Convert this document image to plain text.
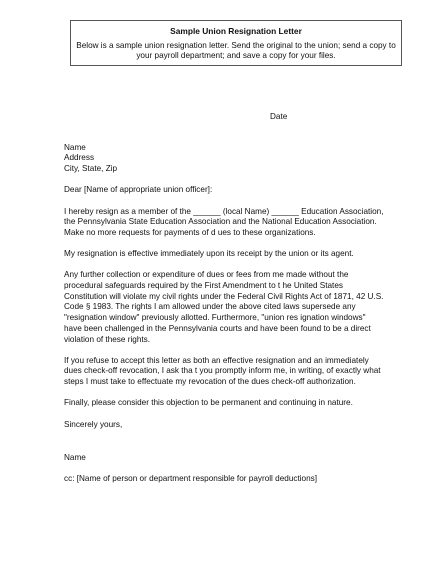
Sample Union Resignation Letter
Below is a sample union resignation letter. Send the original to the union; send a copy to your payroll department; and save a copy for your files.
Date
Name
Address
City, State, Zip
Dear [Name of appropriate union officer]:
I hereby resign as a member of the ______ (local Name) ______ Education Association, the Pennsylvania State Education Association and the National Education Association. Make no more requests for payments of d ues to these organizations.
My resignation is effective immediately upon its receipt by the union or its agent.
Any further collection or expenditure of dues or fees from me made without the procedural safeguards required by the First Amendment to t he United States Constitution will violate my civil rights under the Federal Civil Rights Act of 1871, 42 U.S. Code § 1983. The rights I am allowed under the above cited laws supersede any "resignation window" previously allotted. Furthermore, "union res ignation windows" have been challenged in the Pennsylvania courts and have been found to be a direct violation of these rights.
If you refuse to accept this letter as both an effective resignation and an immediately dues check-off revocation, I ask tha t you promptly inform me, in writing, of exactly what steps I must take to effectuate my revocation of the dues check-off authorization.
Finally, please consider this objection to be permanent and continuing in nature.
Sincerely yours,
Name
cc: [Name of person or department responsible for payroll deductions]
